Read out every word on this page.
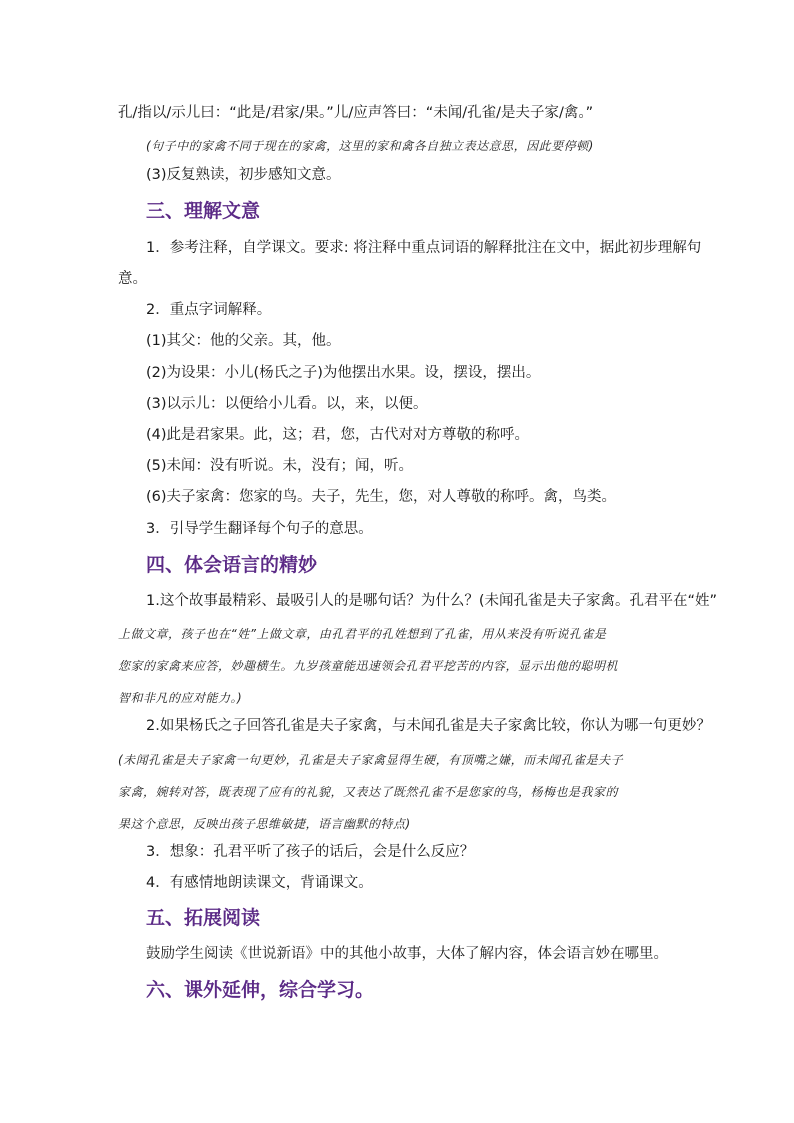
孔/指以/示儿曰：“此是/君家/果。”儿/应声答曰：“未闻/孔雀/是夫子家/禽。”
(句子中的家禽不同于现在的家禽，这里的家和禽各自独立表达意思，因此要停顿)
(3)反复熟读，初步感知文意。
三、理解文意
1．参考注释，自学课文。要求: 将注释中重点词语的解释批注在文中，据此初步理解句
意。
2．重点字词解释。
(1)其父：他的父亲。其，他。
(2)为设果：小儿(杨氏之子)为他摆出水果。设，摆设，摆出。
(3)以示儿：以便给小儿看。以，来，以便。
(4)此是君家果。此，这；君，您，古代对对方尊敬的称呼。
(5)未闻：没有听说。未，没有；闻，听。
(6)夫子家禽：您家的鸟。夫子，先生，您，对人尊敬的称呼。禽，鸟类。
3．引导学生翻译每个句子的意思。
四、体会语言的精妙
1.这个故事最精彩、最吸引人的是哪句话？为什么？(未闻孔雀是夫子家禽。孔君平在“姓”
上做文章，孩子也在“姓”上做文章，由孔君平的孔姓想到了孔雀，用从来没有听说孔雀是
您家的家禽来应答，妙趣横生。九岁孩童能迅速领会孔君平挖苦的内容，显示出他的聪明机
智和非凡的应对能力。)
2.如果杨氏之子回答孔雀是夫子家禽，与未闻孔雀是夫子家禽比较，你认为哪一句更妙？
(未闻孔雀是夫子家禽一句更妙，孔雀是夫子家禽显得生硬，有顶嘴之嫌，而未闻孔雀是夫子
家禽，婉转对答，既表现了应有的礼貌，又表达了既然孔雀不是您家的鸟，杨梅也是我家的
果这个意思，反映出孩子思维敏捷，语言幽默的特点)
3．想象：孔君平听了孩子的话后，会是什么反应？
4．有感情地朗读课文，背诵课文。
五、拓展阅读
鼓励学生阅读《世说新语》中的其他小故事，大体了解内容，体会语言妙在哪里。
六、课外延伸，综合学习。
